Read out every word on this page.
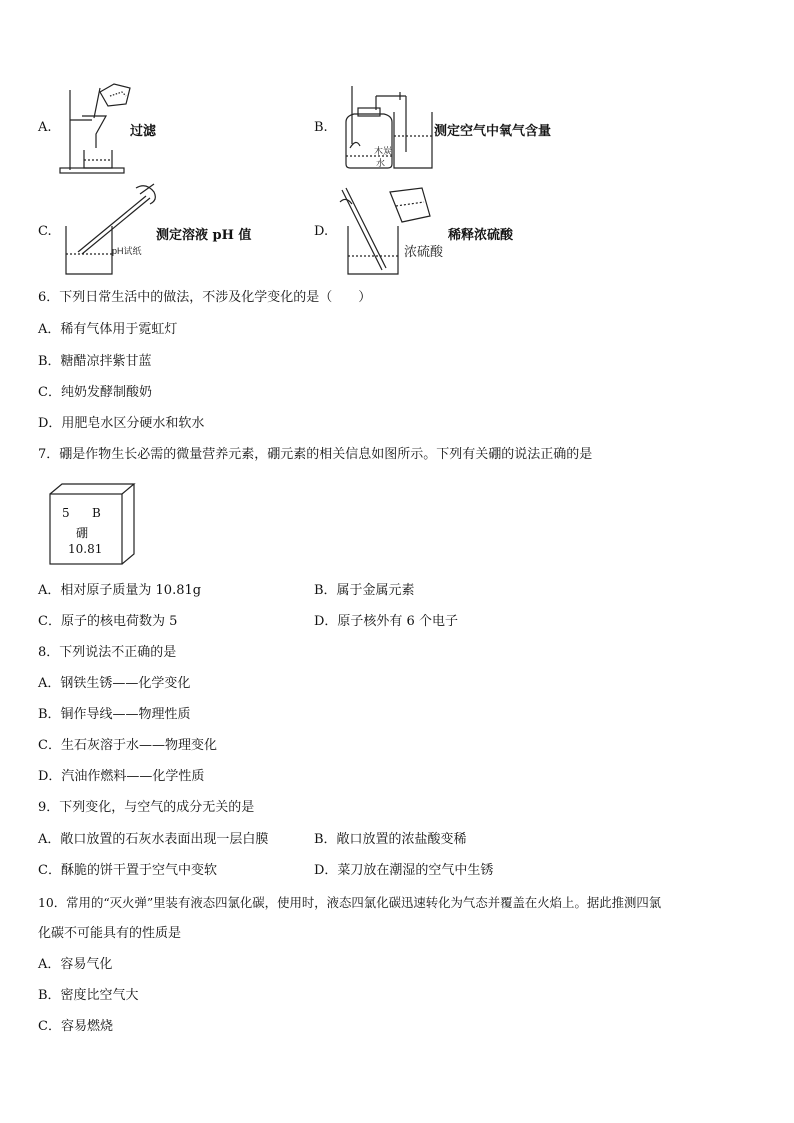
A.	过滤	B.
木炭
水
测定空气中氧气含量
C.
pH试纸
测定溶液 pH 值	D.
浓硫酸
稀释浓硫酸
6．下列日常生活中的做法，不涉及化学变化的是（　　）
A．稀有气体用于霓虹灯
B．糖醋凉拌紫甘蓝
C．纯奶发酵制酸奶
D．用肥皂水区分硬水和软水
7．硼是作物生长必需的微量营养元素，硼元素的相关信息如图所示。下列有关硼的说法正确的是
5 B
硼
10.81
A．相对原子质量为 10.81g	B．属于金属元素
C．原子的核电荷数为 5	D．原子核外有 6 个电子
8．下列说法不正确的是
A．钢铁生锈——化学变化
B．铜作导线——物理性质
C．生石灰溶于水——物理变化
D．汽油作燃料——化学性质
9．下列变化，与空气的成分无关的是
A．敞口放置的石灰水表面出现一层白膜	B．敞口放置的浓盐酸变稀
C．酥脆的饼干置于空气中变软	D．菜刀放在潮湿的空气中生锈
10．常用的“灭火弹”里装有液态四氯化碳，使用时，液态四氯化碳迅速转化为气态并覆盖在火焰上。据此推测四氯
化碳不可能具有的性质是
A．容易气化
B．密度比空气大
C．容易燃烧
